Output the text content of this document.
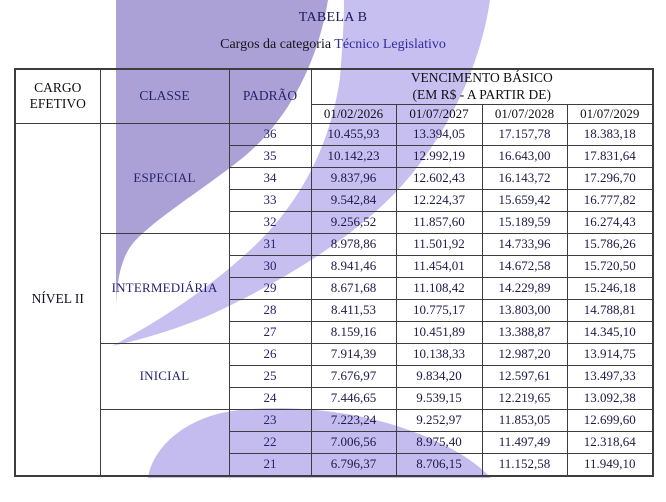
TABELA B
Cargos da categoria Técnico Legislativo
CARGO
EFETIVO	CLASSE	PADRÃO	VENCIMENTO BÁSICO
(EM R$ - A PARTIR DE)			
			01/02/2026	01/07/2027	01/07/2028	01/07/2029
NÍVEL II	ESPECIAL	36	10.455,93	13.394,05	17.157,78	18.383,18
		35	10.142,23	12.992,19	16.643,00	17.831,64
		34	9.837,96	12.602,43	16.143,72	17.296,70
		33	9.542,84	12.224,37	15.659,42	16.777,82
		32	9.256,52	11.857,60	15.189,59	16.274,43
	INTERMEDIÁRIA	31	8.978,86	11.501,92	14.733,96	15.786,26
		30	8.941,46	11.454,01	14.672,58	15.720,50
		29	8.671,68	11.108,42	14.229,89	15.246,18
		28	8.411,53	10.775,17	13.803,00	14.788,81
		27	8.159,16	10.451,89	13.388,87	14.345,10
	INICIAL	26	7.914,39	10.138,33	12.987,20	13.914,75
		25	7.676,97	9.834,20	12.597,61	13.497,33
		24	7.446,65	9.539,15	12.219,65	13.092,38
		23	7.223,24	9.252,97	11.853,05	12.699,60
		22	7.006,56	8.975,40	11.497,49	12.318,64
		21	6.796,37	8.706,15	11.152,58	11.949,10
